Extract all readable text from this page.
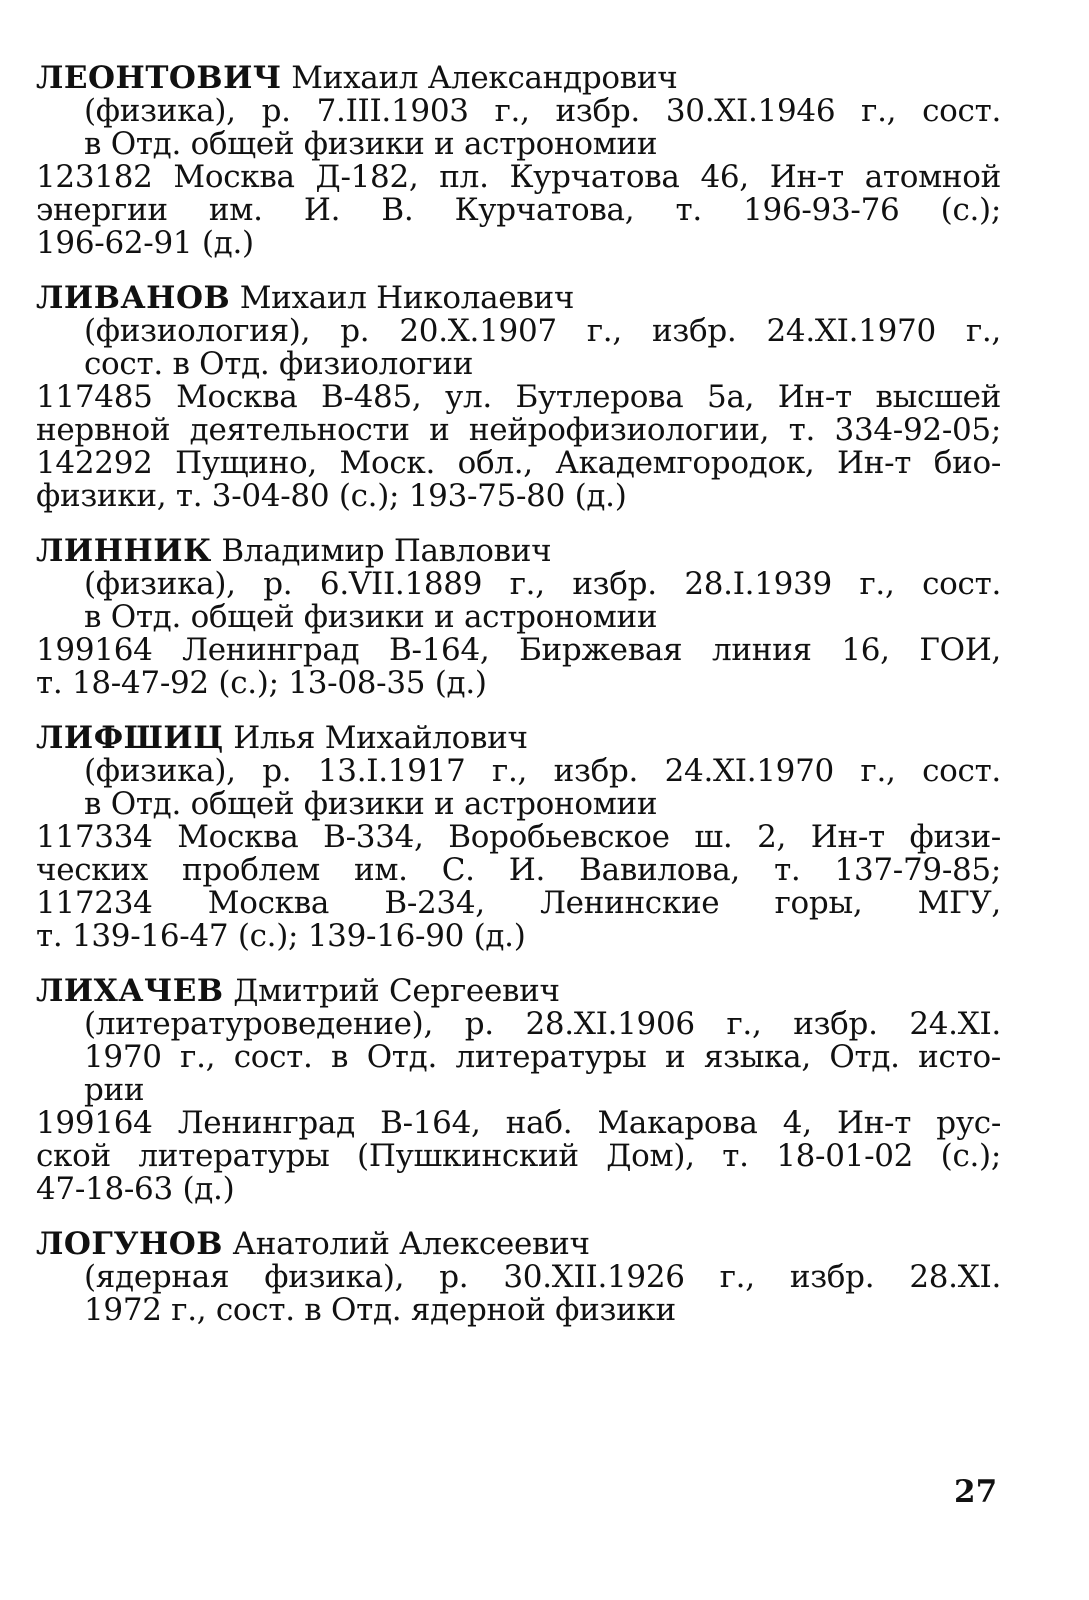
ЛЕОНТОВИЧ Михаил Александрович
(физика), р. 7.III.1903 г., избр. 30.XI.1946 г., сост.
в Отд. общей физики и астрономии
123182 Москва Д-182, пл. Курчатова 46, Ин-т атомной
энергии им. И. В. Курчатова, т. 196-93-76 (с.);
196-62-91 (д.)
ЛИВАНОВ Михаил Николаевич
(физиология), р. 20.X.1907 г., избр. 24.XI.1970 г.,
сост. в Отд. физиологии
117485 Москва В-485, ул. Бутлерова 5а, Ин-т высшей
нервной деятельности и нейрофизиологии, т. 334-92-05;
142292 Пущино, Моск. обл., Академгородок, Ин-т био-
физики, т. 3-04-80 (с.); 193-75-80 (д.)
ЛИННИК Владимир Павлович
(физика), р. 6.VII.1889 г., избр. 28.I.1939 г., сост.
в Отд. общей физики и астрономии
199164 Ленинград В-164, Биржевая линия 16, ГОИ,
т. 18-47-92 (с.); 13-08-35 (д.)
ЛИФШИЦ Илья Михайлович
(физика), р. 13.I.1917 г., избр. 24.XI.1970 г., сост.
в Отд. общей физики и астрономии
117334 Москва В-334, Воробьевское ш. 2, Ин-т физи-
ческих проблем им. С. И. Вавилова, т. 137-79-85;
117234 Москва В-234, Ленинские горы, МГУ,
т. 139-16-47 (с.); 139-16-90 (д.)
ЛИХАЧЕВ Дмитрий Сергеевич
(литературоведение), р. 28.XI.1906 г., избр. 24.XI.
1970 г., сост. в Отд. литературы и языка, Отд. исто-
рии
199164 Ленинград В-164, наб. Макарова 4, Ин-т рус-
ской литературы (Пушкинский Дом), т. 18-01-02 (с.);
47-18-63 (д.)
ЛОГУНОВ Анатолий Алексеевич
(ядерная физика), р. 30.XII.1926 г., избр. 28.XI.
1972 г., сост. в Отд. ядерной физики
27
